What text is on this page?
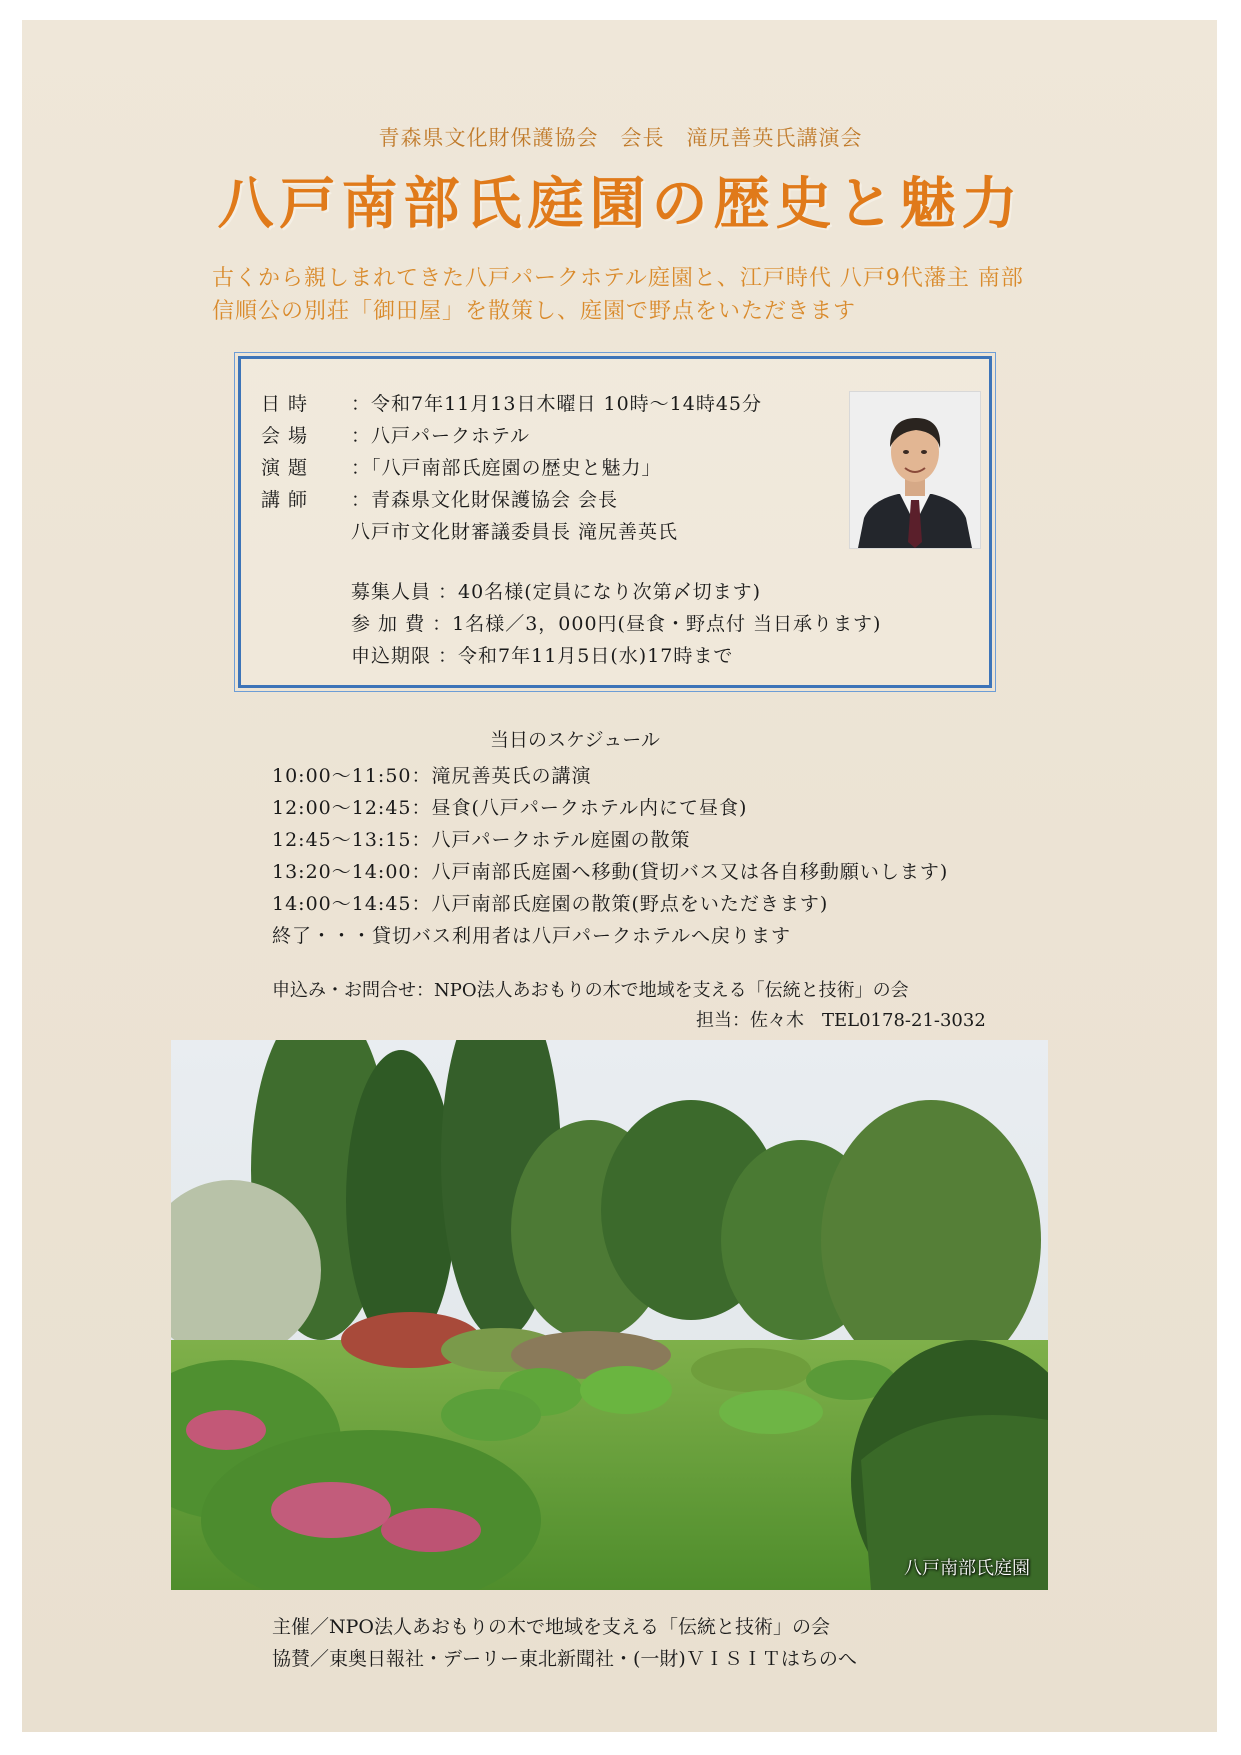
青森県文化財保護協会　会長　滝尻善英氏講演会
八戸南部氏庭園の歴史と魅力
古くから親しまれてきた八戸パークホテル庭園と、江戸時代 八戸9代藩主 南部
信順公の別荘「御田屋」を散策し、庭園で野点をいただきます
日時 ：令和7年11月13日木曜日 10時～14時45分
会場 ：八戸パークホテル
演題 ：「八戸南部氏庭園の歴史と魅力」
講師 ：青森県文化財保護協会 会長
八戸市文化財審議委員長 滝尻善英氏
募集人員 ：40名様(定員になり次第〆切ます)
参 加 費 ：1名様／3，000円(昼食・野点付 当日承ります)
申込期限 ：令和7年11月5日(水)17時まで
当日のスケジュール
10:00～11:50：滝尻善英氏の講演
12:00～12:45：昼食(八戸パークホテル内にて昼食)
12:45～13:15：八戸パークホテル庭園の散策
13:20～14:00：八戸南部氏庭園へ移動(貸切バス又は各自移動願いします)
14:00～14:45：八戸南部氏庭園の散策(野点をいただきます)
終了・・・貸切バス利用者は八戸パークホテルへ戻ります
申込み・お問合せ：NPO法人あおもりの木で地域を支える「伝統と技術」の会
担当：佐々木　TEL0178-21-3032
八戸南部氏庭園
主催／NPO法人あおもりの木で地域を支える「伝統と技術」の会
協賛／東奥日報社・デーリー東北新聞社・(一財)ＶＩＳＩＴはちのへ
